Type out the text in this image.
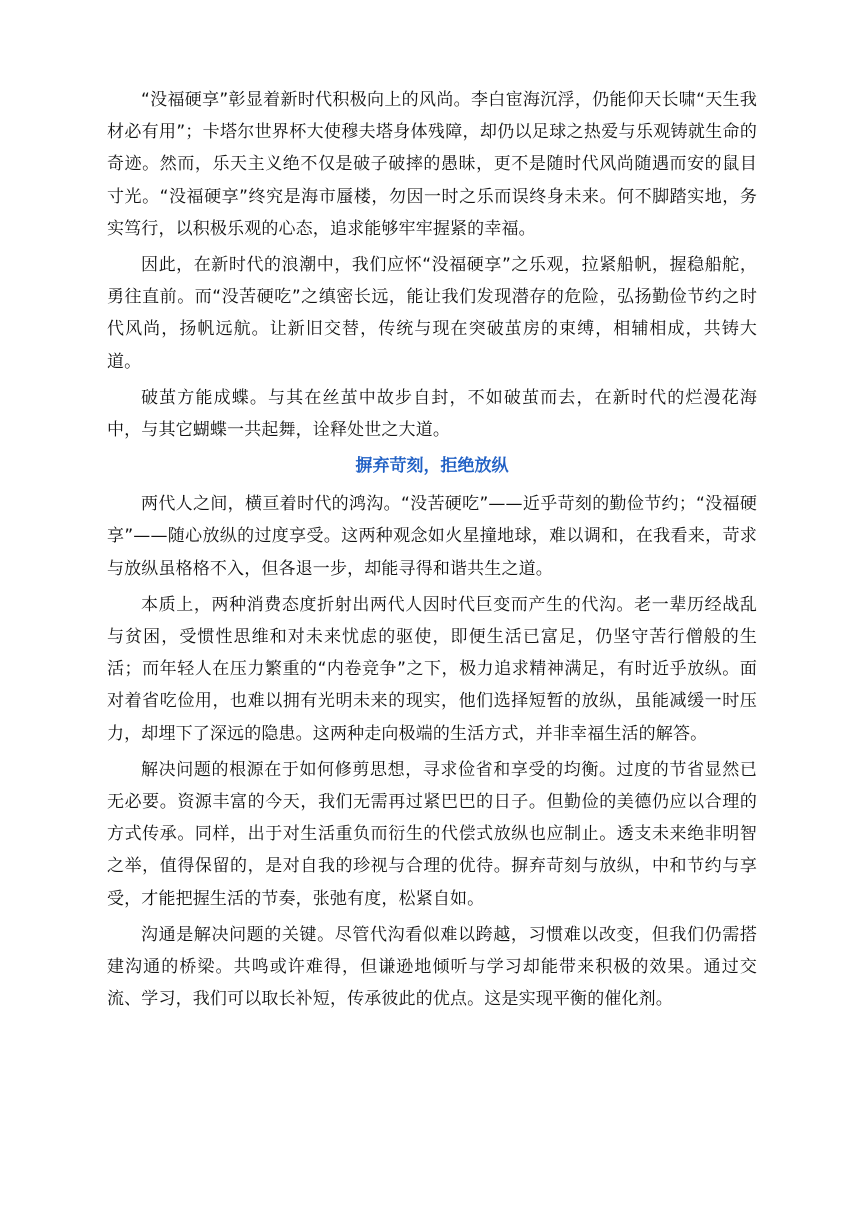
“没福硬享”彰显着新时代积极向上的风尚。李白宦海沉浮，仍能仰天长啸“天生我材必有用”；卡塔尔世界杯大使穆夫塔身体残障，却仍以足球之热爱与乐观铸就生命的奇迹。然而，乐天主义绝不仅是破子破摔的愚昧，更不是随时代风尚随遇而安的鼠目寸光。“没福硬享”终究是海市蜃楼，勿因一时之乐而误终身未来。何不脚踏实地，务实笃行，以积极乐观的心态，追求能够牢牢握紧的幸福。

因此，在新时代的浪潮中，我们应怀“没福硬享”之乐观，拉紧船帆，握稳船舵，勇往直前。而“没苦硬吃”之缜密长远，能让我们发现潜存的危险，弘扬勤俭节约之时代风尚，扬帆远航。让新旧交替，传统与现在突破茧房的束缚，相辅相成，共铸大道。

破茧方能成蝶。与其在丝茧中故步自封，不如破茧而去，在新时代的烂漫花海中，与其它蝴蝶一共起舞，诠释处世之大道。

摒弃苛刻，拒绝放纵

两代人之间，横亘着时代的鸿沟。“没苦硬吃”——近乎苛刻的勤俭节约；“没福硬享”——随心放纵的过度享受。这两种观念如火星撞地球，难以调和，在我看来，苛求与放纵虽格格不入，但各退一步，却能寻得和谐共生之道。

本质上，两种消费态度折射出两代人因时代巨变而产生的代沟。老一辈历经战乱与贫困，受惯性思维和对未来忧虑的驱使，即便生活已富足，仍坚守苦行僧般的生活；而年轻人在压力繁重的“内卷竞争”之下，极力追求精神满足，有时近乎放纵。面对着省吃俭用，也难以拥有光明未来的现实，他们选择短暂的放纵，虽能减缓一时压力，却埋下了深远的隐患。这两种走向极端的生活方式，并非幸福生活的解答。

解决问题的根源在于如何修剪思想，寻求俭省和享受的均衡。过度的节省显然已无必要。资源丰富的今天，我们无需再过紧巴巴的日子。但勤俭的美德仍应以合理的方式传承。同样，出于对生活重负而衍生的代偿式放纵也应制止。透支未来绝非明智之举，值得保留的，是对自我的珍视与合理的优待。摒弃苛刻与放纵，中和节约与享受，才能把握生活的节奏，张弛有度，松紧自如。

沟通是解决问题的关键。尽管代沟看似难以跨越，习惯难以改变，但我们仍需搭建沟通的桥梁。共鸣或许难得，但谦逊地倾听与学习却能带来积极的效果。通过交流、学习，我们可以取长补短，传承彼此的优点。这是实现平衡的催化剂。
